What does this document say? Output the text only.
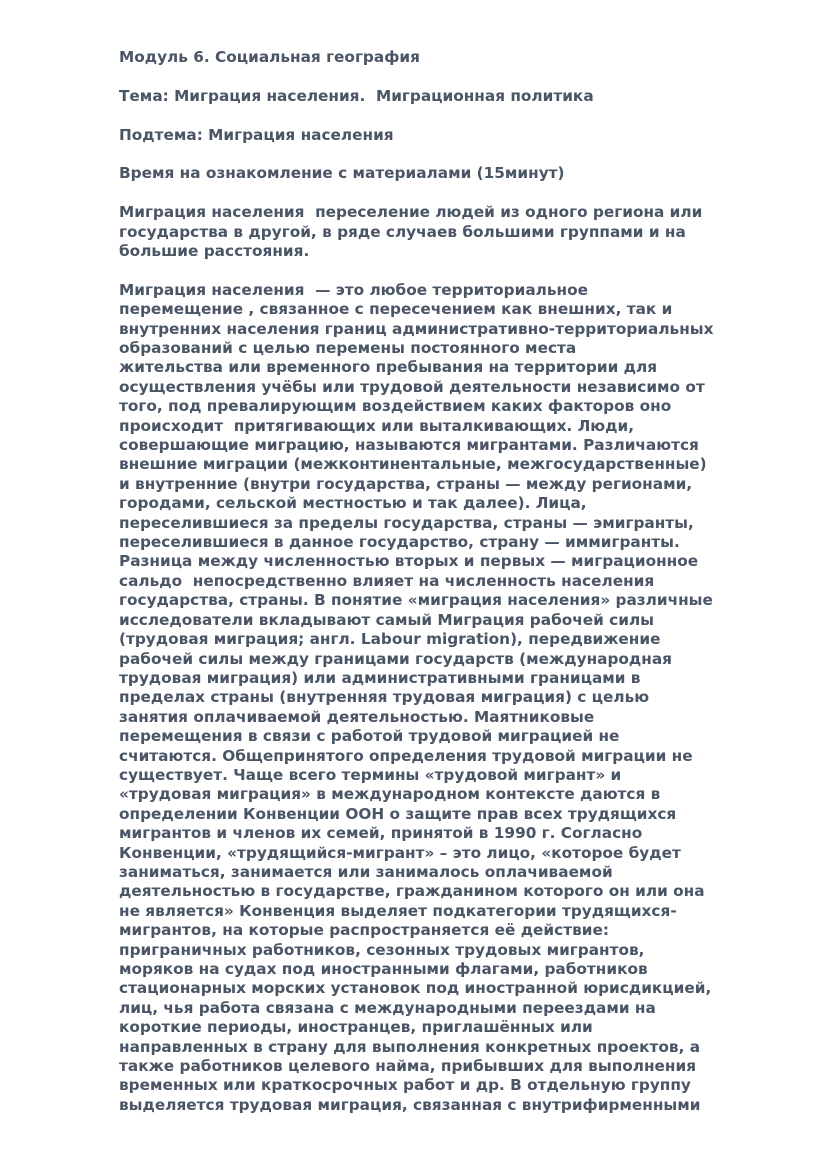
Модуль 6. Социальная география
Тема: Миграция населения.  Миграционная политика
Подтема: Миграция населения
Время на ознакомление с материалами (15минут)
Миграция населения  переселение людей из одного региона или
государства в другой, в ряде случаев большими группами и на
большие расстояния.
Миграция населения  — это любое территориальное
перемещение , связанное с пересечением как внешних, так и
внутренних населения границ административно-территориальных
образований с целью перемены постоянного места
жительства или временного пребывания на территории для
осуществления учёбы или трудовой деятельности независимо от
того, под превалирующим воздействием каких факторов оно
происходит  притягивающих или выталкивающих. Люди,
совершающие миграцию, называются мигрантами. Различаются
внешние миграции (межконтинентальные, межгосударственные)
и внутренние (внутри государства, страны — между регионами,
городами, сельской местностью и так далее). Лица,
переселившиеся за пределы государства, страны — эмигранты,
переселившиеся в данное государство, страну — иммигранты.
Разница между численностью вторых и первых — миграционное
сальдо  непосредственно влияет на численность населения
государства, страны. В понятие «миграция населения» различные
исследователи вкладывают самый Миграция рабочей силы
(трудовая миграция; англ. Labour migration), передвижение
рабочей силы между границами государств (международная
трудовая миграция) или административными границами в
пределах страны (внутренняя трудовая миграция) с целью
занятия оплачиваемой деятельностью. Маятниковые
перемещения в связи с работой трудовой миграцией не
считаются. Общепринятого определения трудовой миграции не
существует. Чаще всего термины «трудовой мигрант» и
«трудовая миграция» в международном контексте даются в
определении Конвенции ООН о защите прав всех трудящихся
мигрантов и членов их семей, принятой в 1990 г. Согласно
Конвенции, «трудящийся-мигрант» – это лицо, «которое будет
заниматься, занимается или занималось оплачиваемой
деятельностью в государстве, гражданином которого он или она
не является» Конвенция выделяет подкатегории трудящихся-
мигрантов, на которые распространяется её действие:
приграничных работников, сезонных трудовых мигрантов,
моряков на судах под иностранными флагами, работников
стационарных морских установок под иностранной юрисдикцией,
лиц, чья работа связана с международными переездами на
короткие периоды, иностранцев, приглашённых или
направленных в страну для выполнения конкретных проектов, а
также работников целевого найма, прибывших для выполнения
временных или краткосрочных работ и др. В отдельную группу
выделяется трудовая миграция, связанная с внутрифирменными
